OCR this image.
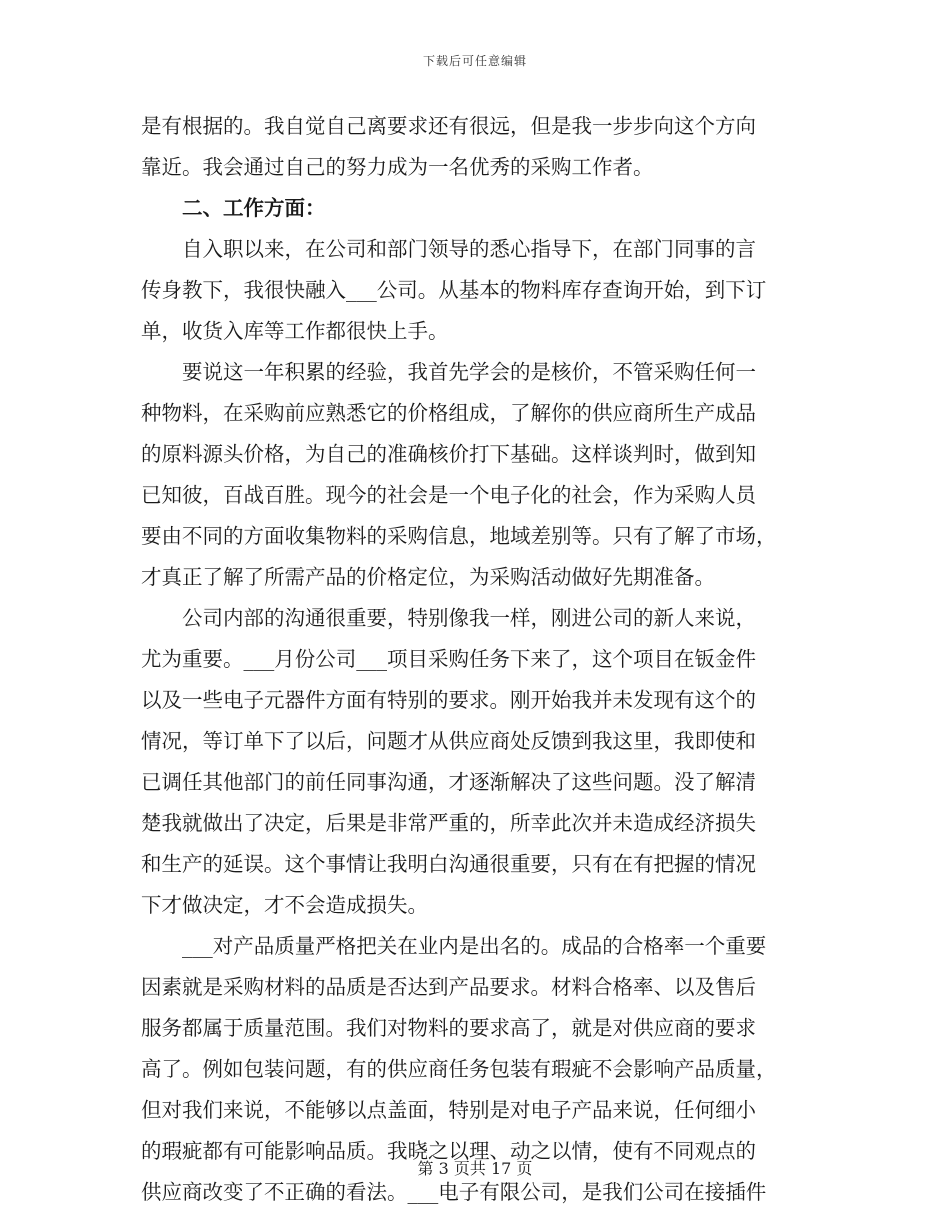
下载后可任意编辑
是有根据的。我自觉自己离要求还有很远，但是我一步步向这个方向
靠近。我会通过自己的努力成为一名优秀的采购工作者。
　　二、工作方面：
　　自入职以来，在公司和部门领导的悉心指导下，在部门同事的言
传身教下，我很快融入___公司。从基本的物料库存查询开始，到下订
单，收货入库等工作都很快上手。
　　要说这一年积累的经验，我首先学会的是核价，不管采购任何一
种物料，在采购前应熟悉它的价格组成，了解你的供应商所生产成品
的原料源头价格，为自己的准确核价打下基础。这样谈判时，做到知
已知彼，百战百胜。现今的社会是一个电子化的社会，作为采购人员
要由不同的方面收集物料的采购信息，地域差别等。只有了解了市场，
才真正了解了所需产品的价格定位，为采购活动做好先期准备。
　　公司内部的沟通很重要，特别像我一样，刚进公司的新人来说，
尤为重要。___月份公司___项目采购任务下来了，这个项目在钣金件
以及一些电子元器件方面有特别的要求。刚开始我并未发现有这个的
情况，等订单下了以后，问题才从供应商处反馈到我这里，我即使和
已调任其他部门的前任同事沟通，才逐渐解决了这些问题。没了解清
楚我就做出了决定，后果是非常严重的，所幸此次并未造成经济损失
和生产的延误。这个事情让我明白沟通很重要，只有在有把握的情况
下才做决定，才不会造成损失。
　　___对产品质量严格把关在业内是出名的。成品的合格率一个重要
因素就是采购材料的品质是否达到产品要求。材料合格率、以及售后
服务都属于质量范围。我们对物料的要求高了，就是对供应商的要求
高了。例如包装问题，有的供应商任务包装有瑕疵不会影响产品质量，
但对我们来说，不能够以点盖面，特别是对电子产品来说，任何细小
的瑕疵都有可能影响品质。我晓之以理、动之以情，使有不同观点的
供应商改变了不正确的看法。___电子有限公司，是我们公司在接插件
第 3 页共 17 页
